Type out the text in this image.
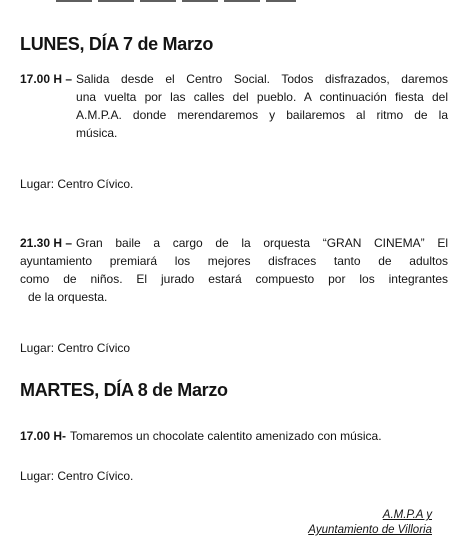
LUNES, DÍA 7 de Marzo
17.00 H – Salida desde el Centro Social. Todos disfrazados, daremos
una vuelta por las calles del pueblo. A continuación fiesta del
A.M.P.A. donde merendaremos y bailaremos al ritmo de la
música.
Lugar: Centro Cívico.
21.30 H – Gran baile a cargo de la orquesta “GRAN CINEMA” El
ayuntamiento premiará los mejores disfraces tanto de adultos
como de niños. El jurado estará compuesto por los integrantes
de la orquesta.
Lugar: Centro Cívico
MARTES, DÍA 8 de Marzo
17.00 H- Tomaremos un chocolate calentito amenizado con música.
Lugar: Centro Cívico.
A.M.P.A y
Ayuntamiento de Villoria
